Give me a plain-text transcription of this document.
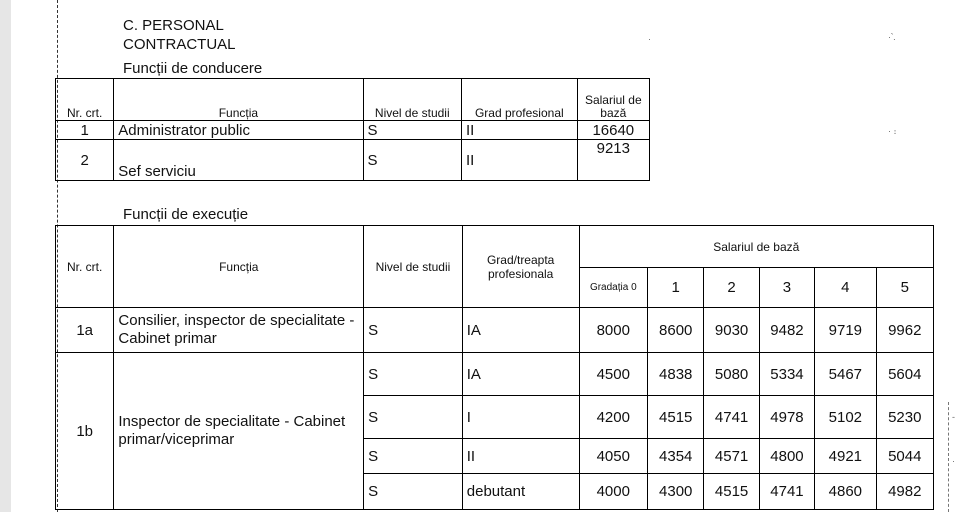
·՝.
· ։
-
·
·
C. PERSONAL
CONTRACTUAL
Funcții de conducere
Nr. crt.	Funcția	Nivel de studii	Grad profesional	Salariul de bază
1	Administrator public	S	II	16640
2	Sef serviciu	S	II	9213
Funcții de execuție
Nr. crt.	Funcția	Nivel de studii	Grad/treapta profesionala	Salariul de bază					
				Gradația 0	1	2	3	4	5
1a	Consilier, inspector de specialitate -Cabinet primar	S	IA	8000	8600	9030	9482	9719	9962
1b	Inspector de specialitate - Cabinet primar/viceprimar	S	IA	4500	4838	5080	5334	5467	5604
		S	I	4200	4515	4741	4978	5102	5230
		S	II	4050	4354	4571	4800	4921	5044
		S	debutant	4000	4300	4515	4741	4860	4982
